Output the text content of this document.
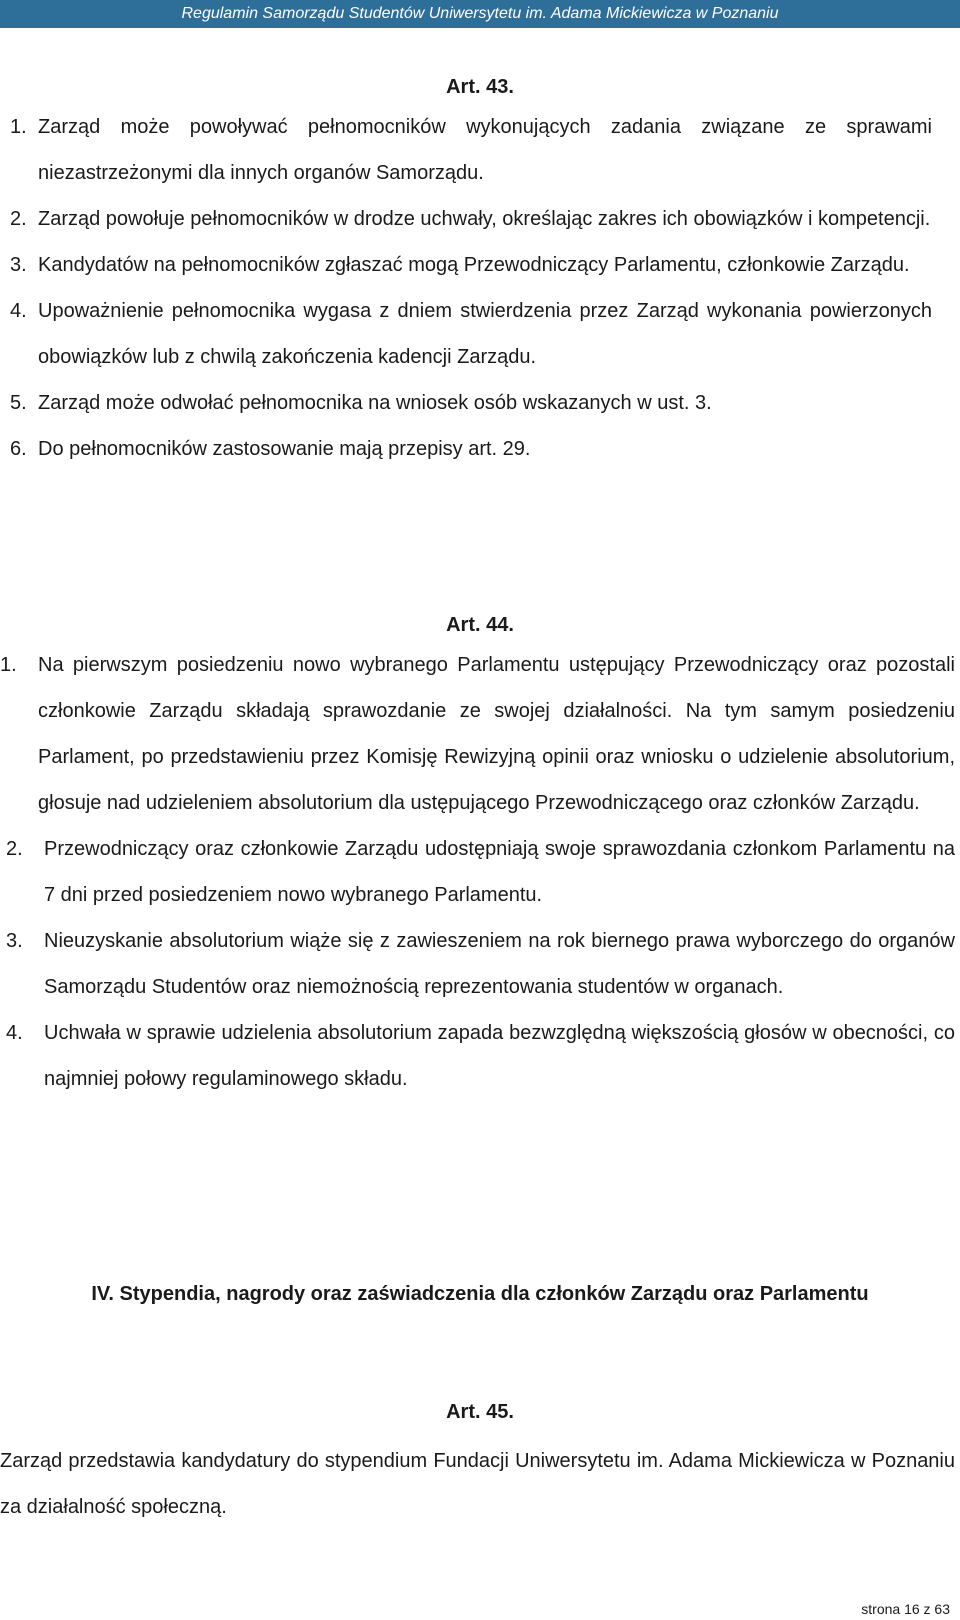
Regulamin Samorządu Studentów Uniwersytetu im. Adama Mickiewicza w Poznaniu
Art. 43.
1. Zarząd może powoływać pełnomocników wykonujących zadania związane ze sprawami niezastrzeżonymi dla innych organów Samorządu.
2. Zarząd powołuje pełnomocników w drodze uchwały, określając zakres ich obowiązków i kompetencji.
3. Kandydatów na pełnomocników zgłaszać mogą Przewodniczący Parlamentu, członkowie Zarządu.
4. Upoważnienie pełnomocnika wygasa z dniem stwierdzenia przez Zarząd wykonania powierzonych obowiązków lub z chwilą zakończenia kadencji Zarządu.
5. Zarząd może odwołać pełnomocnika na wniosek osób wskazanych w ust. 3.
6. Do pełnomocników zastosowanie mają przepisy art. 29.
Art. 44.
1. Na pierwszym posiedzeniu nowo wybranego Parlamentu ustępujący Przewodniczący oraz pozostali członkowie Zarządu składają sprawozdanie ze swojej działalności. Na tym samym posiedzeniu Parlament, po przedstawieniu przez Komisję Rewizyjną opinii oraz wniosku o udzielenie absolutorium, głosuje nad udzieleniem absolutorium dla ustępującego Przewodniczącego oraz członków Zarządu.
2. Przewodniczący oraz członkowie Zarządu udostępniają swoje sprawozdania członkom Parlamentu na 7 dni przed posiedzeniem nowo wybranego Parlamentu.
3. Nieuzyskanie absolutorium wiąże się z zawieszeniem na rok biernego prawa wyborczego do organów Samorządu Studentów oraz niemożnością reprezentowania studentów w organach.
4. Uchwała w sprawie udzielenia absolutorium zapada bezwzględną większością głosów w obecności, co najmniej połowy regulaminowego składu.
IV. Stypendia, nagrody oraz zaświadczenia dla członków Zarządu oraz Parlamentu
Art. 45.
Zarząd przedstawia kandydatury do stypendium Fundacji Uniwersytetu im. Adama Mickiewicza w Poznaniu za działalność społeczną.
strona 16 z 63
